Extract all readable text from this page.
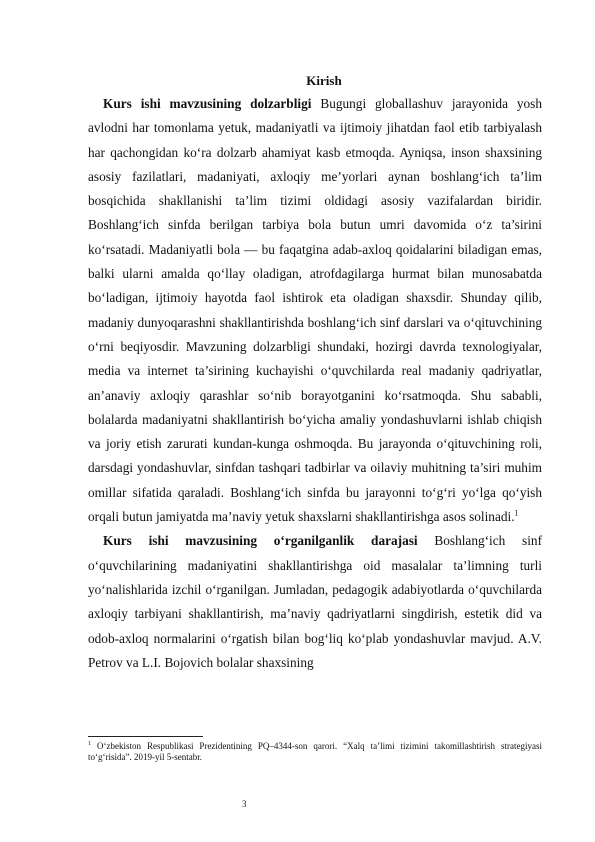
Kirish

Kurs ishi mavzusining dolzarbligi Bugungi globallashuv jarayonida yosh avlodni har tomonlama yetuk, madaniyatli va ijtimoiy jihatdan faol etib tarbiyalash har qachongidan ko‘ra dolzarb ahamiyat kasb etmoqda. Ayniqsa, inson shaxsining asosiy fazilatlari, madaniyati, axloqiy me’yorlari aynan boshlang‘ich ta’lim bosqichida shakllanishi ta’lim tizimi oldidagi asosiy vazifalardan biridir. Boshlang‘ich sinfda berilgan tarbiya bola butun umri davomida o‘z ta’sirini ko‘rsatadi. Madaniyatli bola — bu faqatgina adab-axloq qoidalarini biladigan emas, balki ularni amalda qo‘llay oladigan, atrofdagilarga hurmat bilan munosabatda bo‘ladigan, ijtimoiy hayotda faol ishtirok eta oladigan shaxsdir. Shunday qilib, madaniy dunyoqarashni shakllantirishda boshlang‘ich sinf darslari va o‘qituvchining o‘rni beqiyosdir. Mavzuning dolzarbligi shundaki, hozirgi davrda texnologiyalar, media va internet ta’sirining kuchayishi o‘quvchilarda real madaniy qadriyatlar, an’anaviy axloqiy qarashlar so‘nib borayotganini ko‘rsatmoqda. Shu sababli, bolalarda madaniyatni shakllantirish bo‘yicha amaliy yondashuvlarni ishlab chiqish va joriy etish zarurati kundan-kunga oshmoqda. Bu jarayonda o‘qituvchining roli, darsdagi yondashuvlar, sinfdan tashqari tadbirlar va oilaviy muhitning ta’siri muhim omillar sifatida qaraladi. Boshlang‘ich sinfda bu jarayonni to‘g‘ri yo‘lga qo‘yish orqali butun jamiyatda ma’naviy yetuk shaxslarni shakllantirishga asos solinadi.$^1$

Kurs ishi mavzusining o‘rganilganlik darajasi Boshlang‘ich sinf o‘quvchilarining madaniyatini shakllantirishga oid masalalar ta’limning turli yo‘nalishlarida izchil o‘rganilgan. Jumladan, pedagogik adabiyotlarda o‘quvchilarda axloqiy tarbiyani shakllantirish, ma’naviy qadriyatlarni singdirish, estetik did va odob-axloq normalarini o‘rgatish bilan bog‘liq ko‘plab yondashuvlar mavjud. A.V. Petrov va L.I. Bojovich bolalar shaxsining

$^1$ O‘zbekiston Respublikasi Prezidentining PQ–4344-son qarori. “Xalq ta’limi tizimini takomillashtirish strategiyasi to‘g‘risida”. 2019-yil 5-sentabr.
3
